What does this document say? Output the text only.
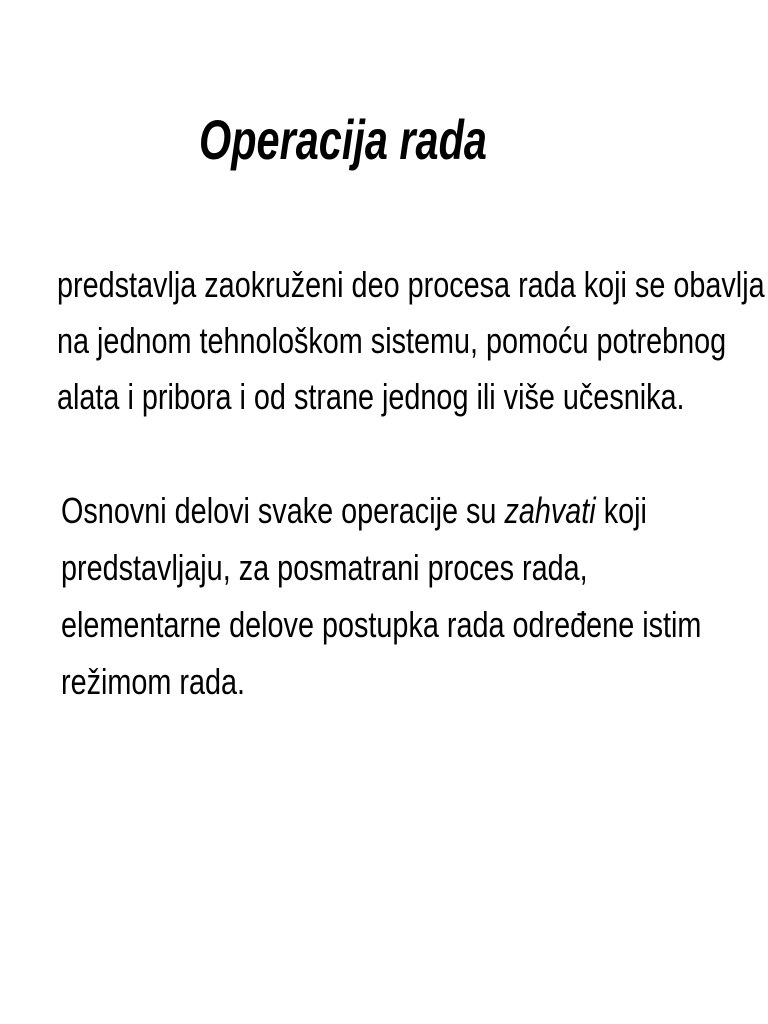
Operacija rada

predstavlja zaokruženi deo procesa rada koji se obavlja
na jednom tehnološkom sistemu, pomoću potrebnog
alata i pribora i od strane jednog ili više učesnika.

Osnovni delovi svake operacije su zahvati koji
predstavljaju, za posmatrani proces rada,
elementarne delove postupka rada određene istim
režimom rada.
